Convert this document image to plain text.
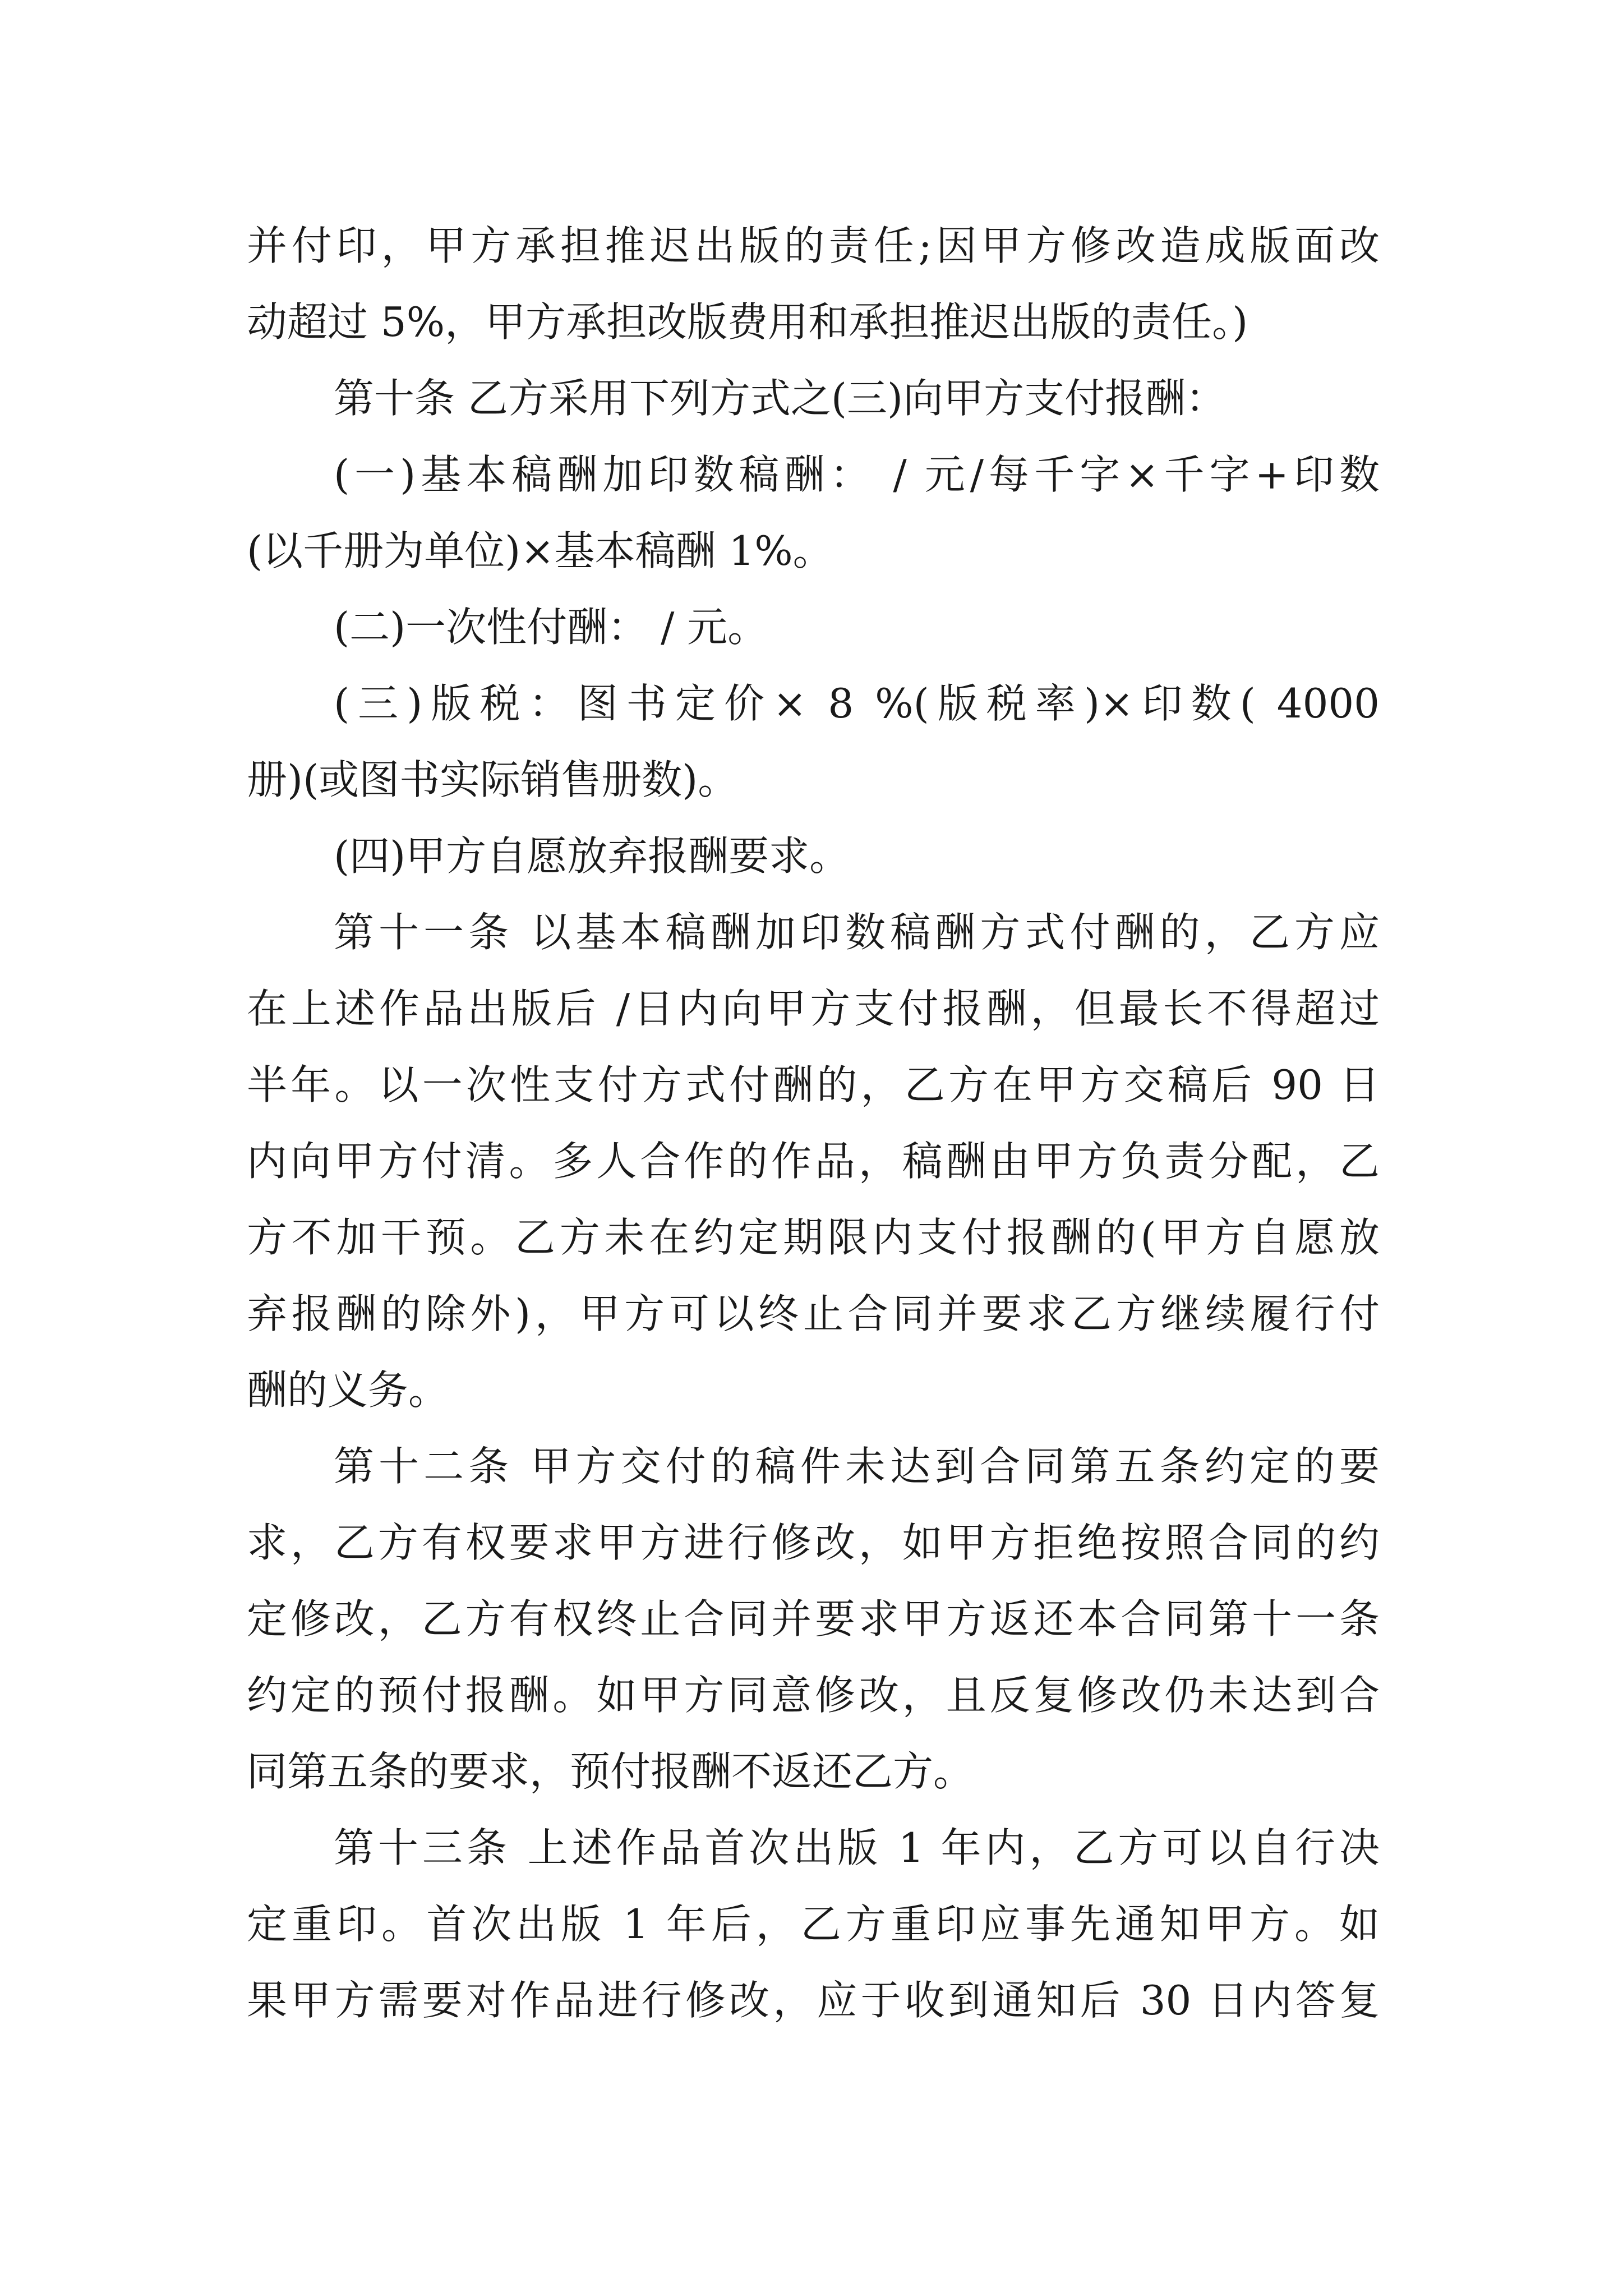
并付印，甲方承担推迟出版的责任;因甲方修改造成版面改
动超过 5%，甲方承担改版费用和承担推迟出版的责任。)
第十条 乙方采用下列方式之(三)向甲方支付报酬：
(一)基本稿酬加印数稿酬： / 元/每千字×千字+印数
(以千册为单位)×基本稿酬 1%。
(二)一次性付酬： / 元。
(三)版税：图书定价× 8 %(版税率)×印数( 4000
册)(或图书实际销售册数)。
(四)甲方自愿放弃报酬要求。
第十一条 以基本稿酬加印数稿酬方式付酬的，乙方应
在上述作品出版后 /日内向甲方支付报酬，但最长不得超过
半年。以一次性支付方式付酬的，乙方在甲方交稿后 90 日
内向甲方付清。多人合作的作品，稿酬由甲方负责分配，乙
方不加干预。乙方未在约定期限内支付报酬的(甲方自愿放
弃报酬的除外)，甲方可以终止合同并要求乙方继续履行付
酬的义务。
第十二条 甲方交付的稿件未达到合同第五条约定的要
求，乙方有权要求甲方进行修改，如甲方拒绝按照合同的约
定修改，乙方有权终止合同并要求甲方返还本合同第十一条
约定的预付报酬。如甲方同意修改，且反复修改仍未达到合
同第五条的要求，预付报酬不返还乙方。
第十三条 上述作品首次出版 1 年内，乙方可以自行决
定重印。首次出版 1 年后，乙方重印应事先通知甲方。如
果甲方需要对作品进行修改，应于收到通知后 30 日内答复
